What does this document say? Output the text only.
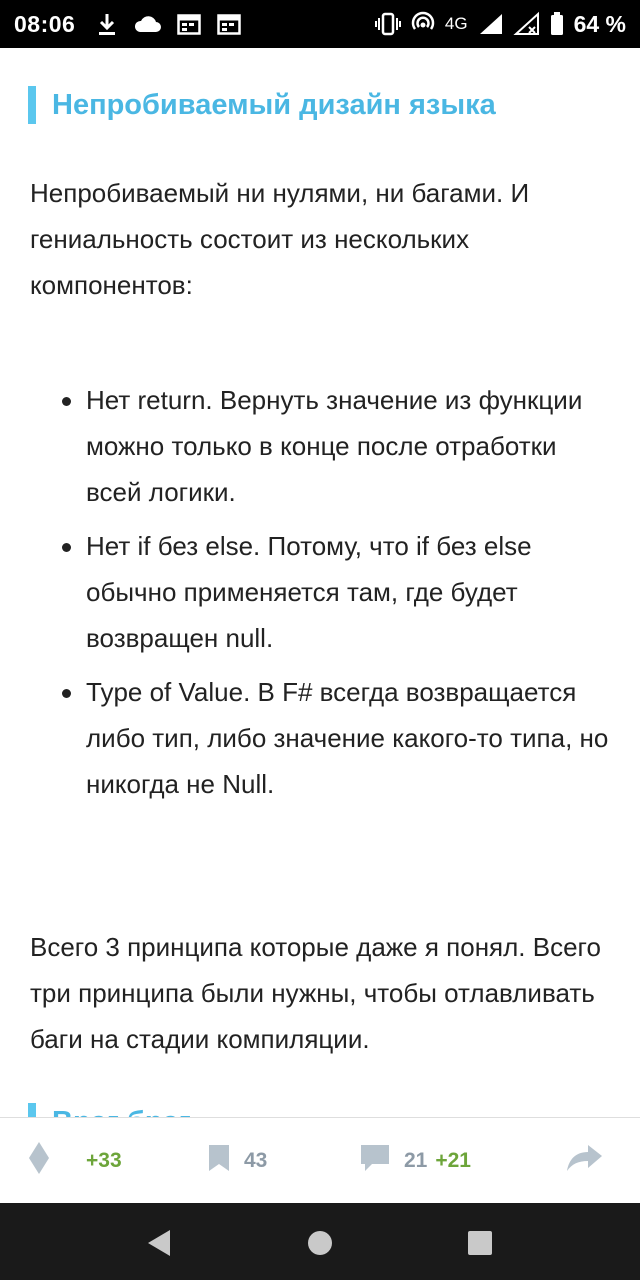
08:06	4G	64 %
Непробиваемый дизайн языка

Непробиваемый ни нулями, ни багами. И гениальность состоит из нескольких компонентов:

Нет return. Вернуть значение из функции можно только в конце после отработки всей логики.
Нет if без else. Потому, что if без else обычно применяется там, где будет возвращен null.
Type of Value. В F# всегда возвращается либо тип, либо значение какого-то типа, но никогда не Null.

Всего 3 принципа которые даже я понял. Всего три принципа были нужны, чтобы отлавливать баги на стадии компиляции.

+33	43	21 +21
